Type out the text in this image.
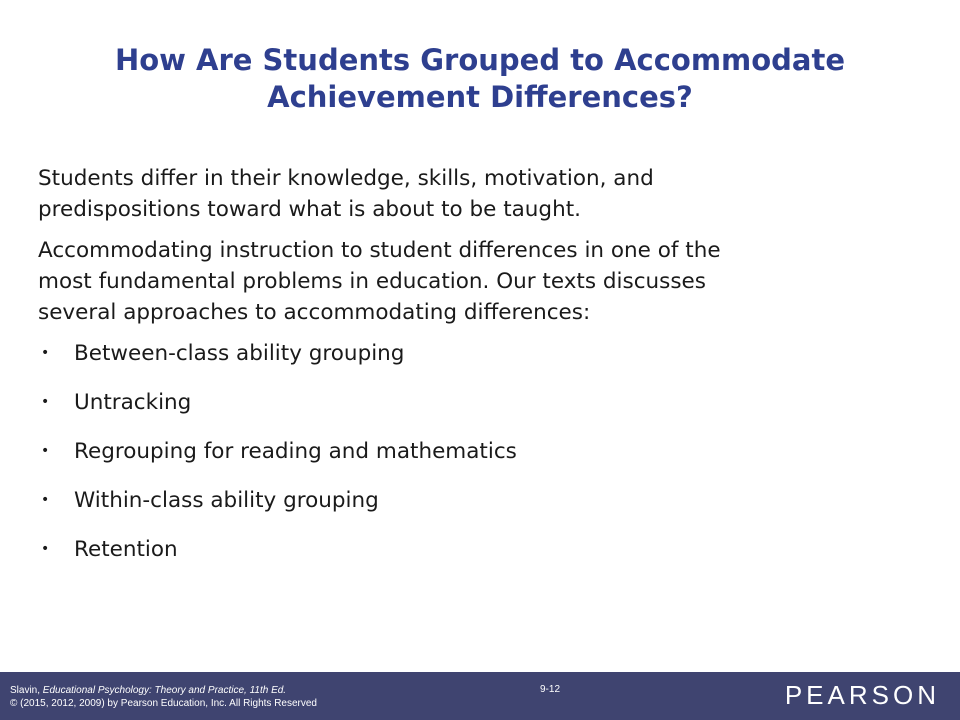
How Are Students Grouped to Accommodate
Achievement Differences?
Students differ in their knowledge, skills, motivation, and
predispositions toward what is about to be taught.
Accommodating instruction to student differences in one of the
most fundamental problems in education. Our texts discusses
several approaches to accommodating differences:
• Between-class ability grouping
• Untracking
• Regrouping for reading and mathematics
• Within-class ability grouping
• Retention
Slavin, Educational Psychology: Theory and Practice, 11th Ed.
© (2015, 2012, 2009) by Pearson Education, Inc. All Rights Reserved
9-12	PEARSON
